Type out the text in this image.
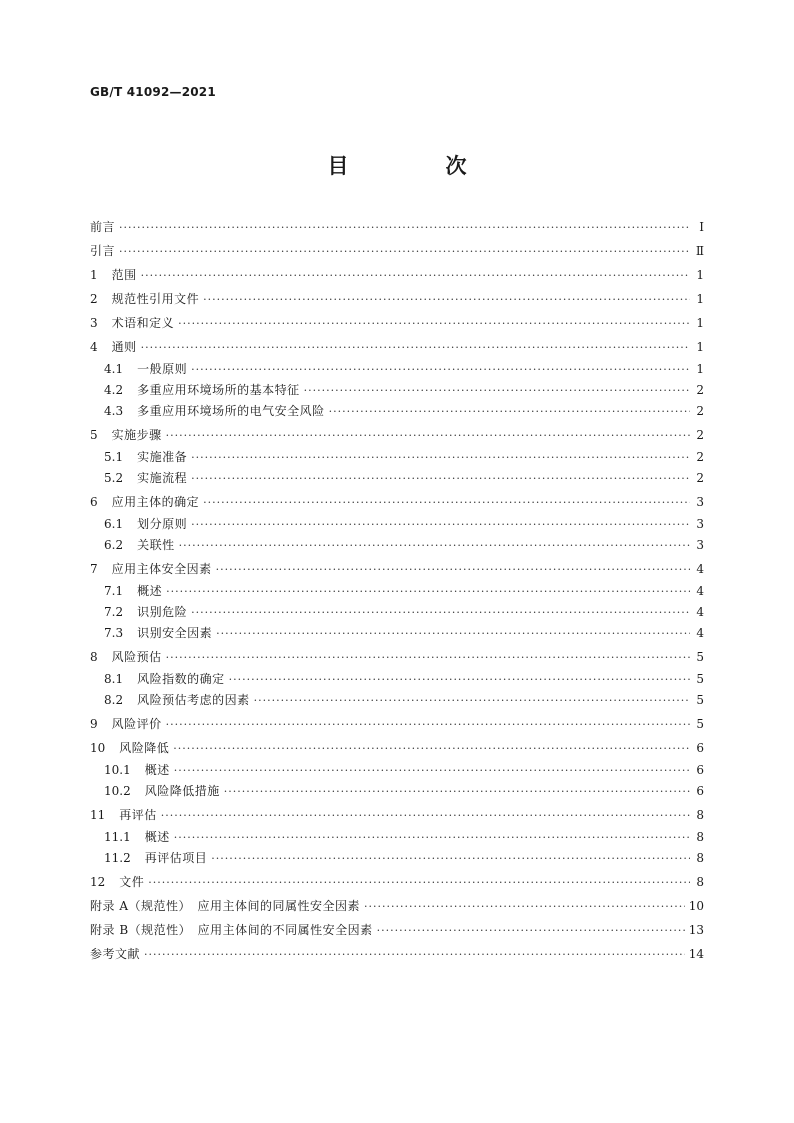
GB/T 41092—2021
目　次
前言 ·····	Ⅰ
引言 ·····	Ⅱ
1 范围 ·····	1
2 规范性引用文件 ·····	1
3 术语和定义 ·····	1
4 通则 ·····	1
4.1 一般原则 ·····	1
4.2 多重应用环境场所的基本特征 ·····	2
4.3 多重应用环境场所的电气安全风险 ·····	2
5 实施步骤 ·····	2
5.1 实施准备 ·····	2
5.2 实施流程 ·····	2
6 应用主体的确定 ·····	3
6.1 划分原则 ·····	3
6.2 关联性 ·····	3
7 应用主体安全因素 ·····	4
7.1 概述 ·····	4
7.2 识别危险 ·····	4
7.3 识别安全因素 ·····	4
8 风险预估 ·····	5
8.1 风险指数的确定 ·····	5
8.2 风险预估考虑的因素 ·····	5
9 风险评价 ·····	5
10 风险降低 ·····	6
10.1 概述 ·····	6
10.2 风险降低措施 ·····	6
11 再评估 ·····	8
11.1 概述 ·····	8
11.2 再评估项目 ·····	8
12 文件 ·····	8
附录 A（规范性）　应用主体间的同属性安全因素 ·····	10
附录 B（规范性）　应用主体间的不同属性安全因素 ·····	13
参考文献 ·····	14
